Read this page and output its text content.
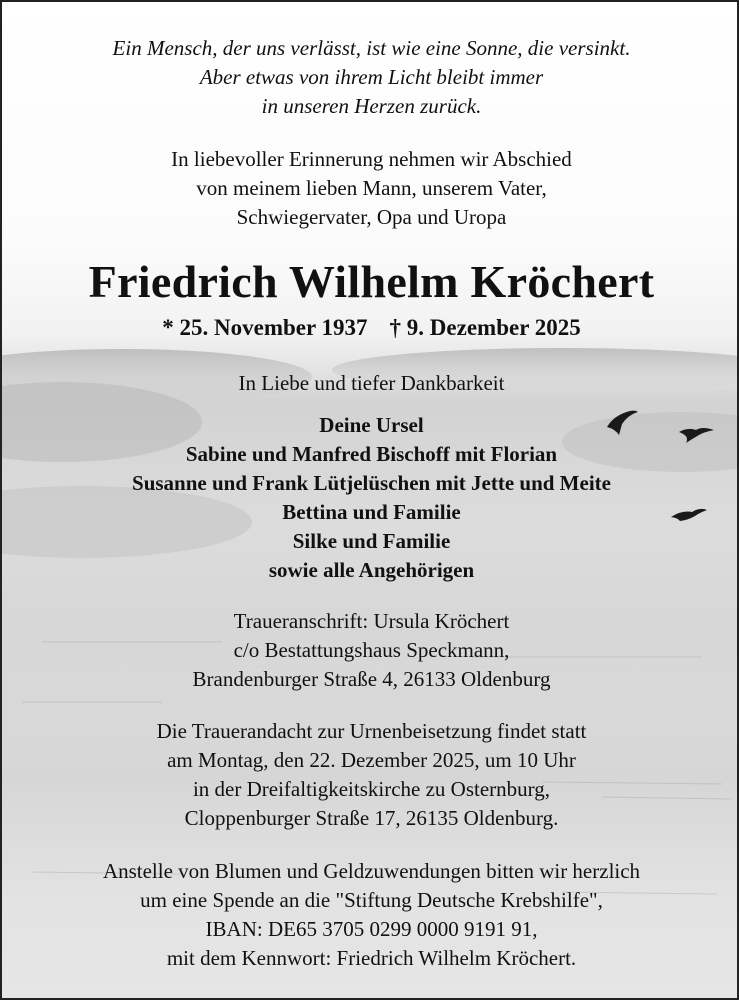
Ein Mensch, der uns verlässt, ist wie eine Sonne, die versinkt.

Aber etwas von ihrem Licht bleibt immer

in unseren Herzen zurück.

In liebevoller Erinnerung nehmen wir Abschied

von meinem lieben Mann, unserem Vater,

Schwiegervater, Opa und Uropa

Friedrich Wilhelm Kröchert
* 25. November 1937 † 9. Dezember 2025
In Liebe und tiefer Dankbarkeit

Deine Ursel

Sabine und Manfred Bischoff mit Florian

Susanne und Frank Lütjelüschen mit Jette und Meite

Bettina und Familie

Silke und Familie

sowie alle Angehörigen

Traueranschrift: Ursula Kröchert

c/o Bestattungshaus Speckmann,

Brandenburger Straße 4, 26133 Oldenburg

Die Trauerandacht zur Urnenbeisetzung findet statt

am Montag, den 22. Dezember 2025, um 10 Uhr

in der Dreifaltigkeitskirche zu Osternburg,

Cloppenburger Straße 17, 26135 Oldenburg.

Anstelle von Blumen und Geldzuwendungen bitten wir herzlich

um eine Spende an die "Stiftung Deutsche Krebshilfe",

IBAN: DE65 3705 0299 0000 9191 91,

mit dem Kennwort: Friedrich Wilhelm Kröchert.
